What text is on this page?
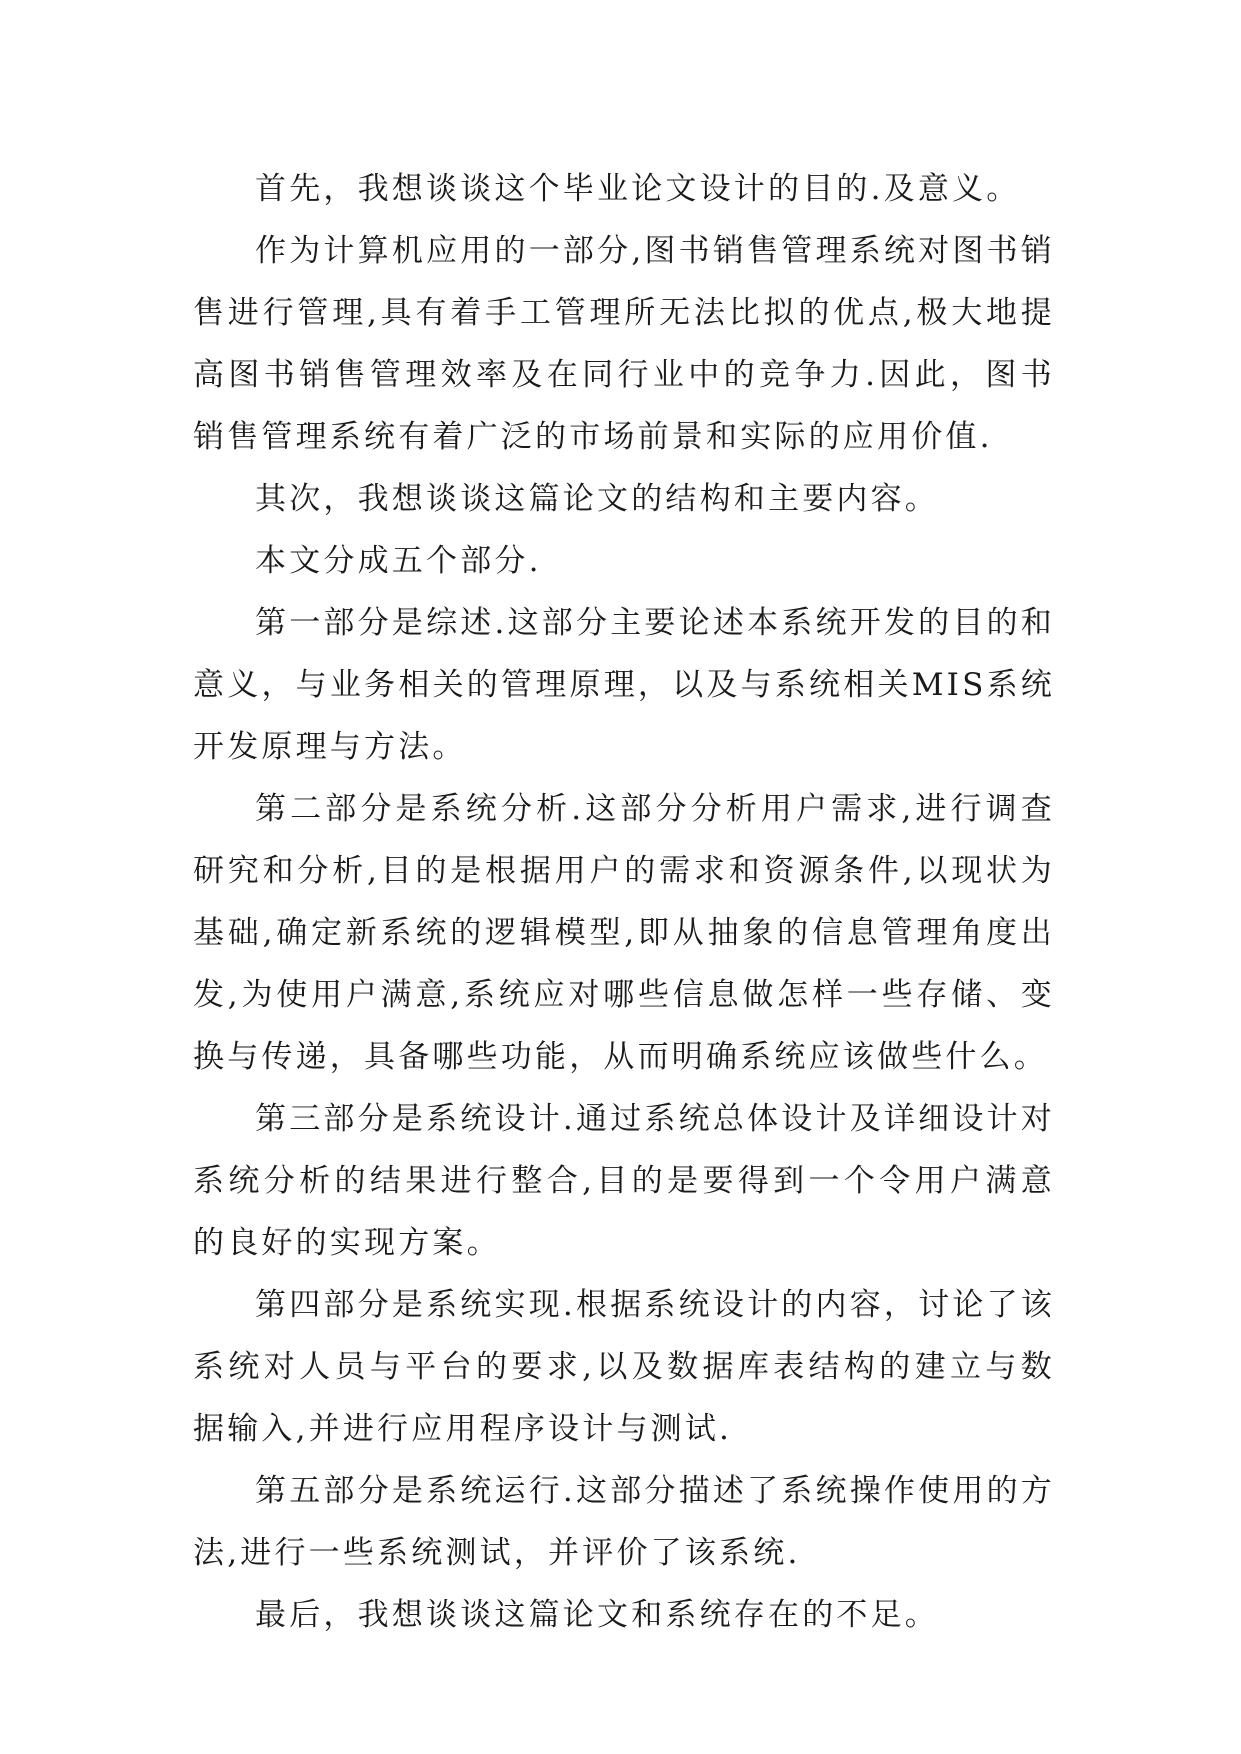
首先，我想谈谈这个毕业论文设计的目的.及意义。

作为计算机应用的一部分,图书销售管理系统对图书销售进行管理,具有着手工管理所无法比拟的优点,极大地提高图书销售管理效率及在同行业中的竞争力.因此，图书销售管理系统有着广泛的市场前景和实际的应用价值.

其次，我想谈谈这篇论文的结构和主要内容。

本文分成五个部分.

第一部分是综述.这部分主要论述本系统开发的目的和意义，与业务相关的管理原理，以及与系统相关MIS系统开发原理与方法。

第二部分是系统分析.这部分分析用户需求,进行调查研究和分析,目的是根据用户的需求和资源条件,以现状为基础,确定新系统的逻辑模型,即从抽象的信息管理角度出发,为使用户满意,系统应对哪些信息做怎样一些存储、变换与传递，具备哪些功能，从而明确系统应该做些什么。

第三部分是系统设计.通过系统总体设计及详细设计对系统分析的结果进行整合,目的是要得到一个令用户满意的良好的实现方案。

第四部分是系统实现.根据系统设计的内容，讨论了该系统对人员与平台的要求,以及数据库表结构的建立与数据输入,并进行应用程序设计与测试.

第五部分是系统运行.这部分描述了系统操作使用的方法,进行一些系统测试，并评价了该系统.

最后，我想谈谈这篇论文和系统存在的不足。
